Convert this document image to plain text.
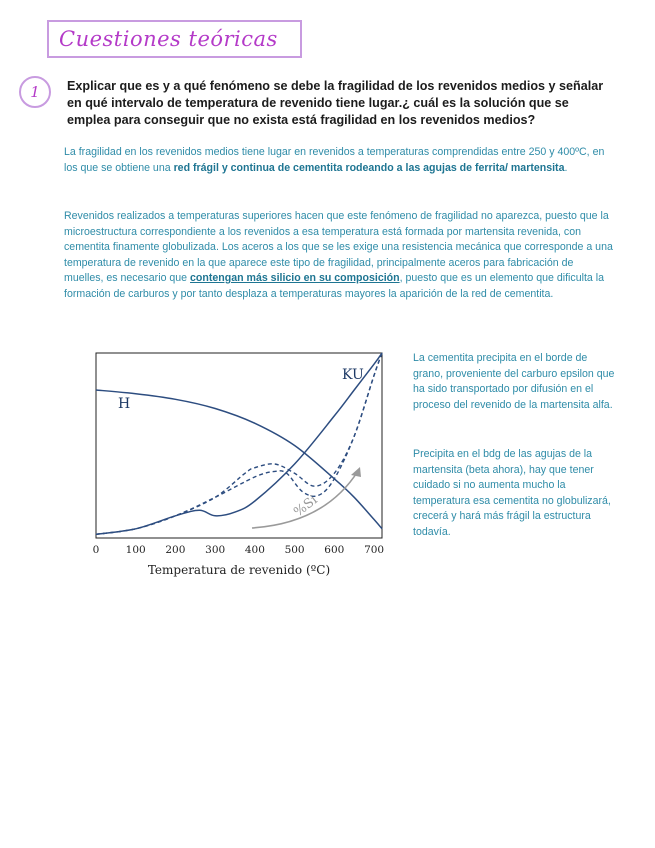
Cuestiones teóricas
1	Explicar que es y a qué fenómeno se debe la fragilidad de los revenidos medios y señalar en qué intervalo de temperatura de revenido tiene lugar.¿ cuál es la solución que se emplea para conseguir que no exista está fragilidad en los revenidos medios?
La fragilidad en los revenidos medios tiene lugar en revenidos a temperaturas comprendidas entre 250 y 400ºC, en los que se obtiene una red frágil y continua de cementita rodeando a las agujas de ferrita/ martensita.
Revenidos realizados a temperaturas superiores hacen que este fenómeno de fragilidad no aparezca, puesto que la microestructura correspondiente a los revenidos a esa temperatura está formada por martensita revenida, con cementita finamente globulizada. Los aceros a los que se les exige una resistencia mecánica que corresponde a una temperatura de revenido en la que aparece este tipo de fragilidad, principalmente aceros para fabricación de muelles, es necesario que contengan más silicio en su composición, puesto que es un elemento que dificulta la formación de carburos y por tanto desplaza a temperaturas mayores la aparición de la red de cementita.
0	100 200 300 400 500 600 700
H
KU
%Si
Temperatura de revenido (ºC)
La cementita precipita en el borde de grano, proveniente del carburo epsilon que ha sido transportado por difusión en el proceso del revenido de la martensita alfa.
Precipita en el bdg de las agujas de la martensita (beta ahora), hay que tener cuidado si no aumenta mucho la temperatura esa cementita no globulizará, crecerá y hará más frágil la estructura todavía.
